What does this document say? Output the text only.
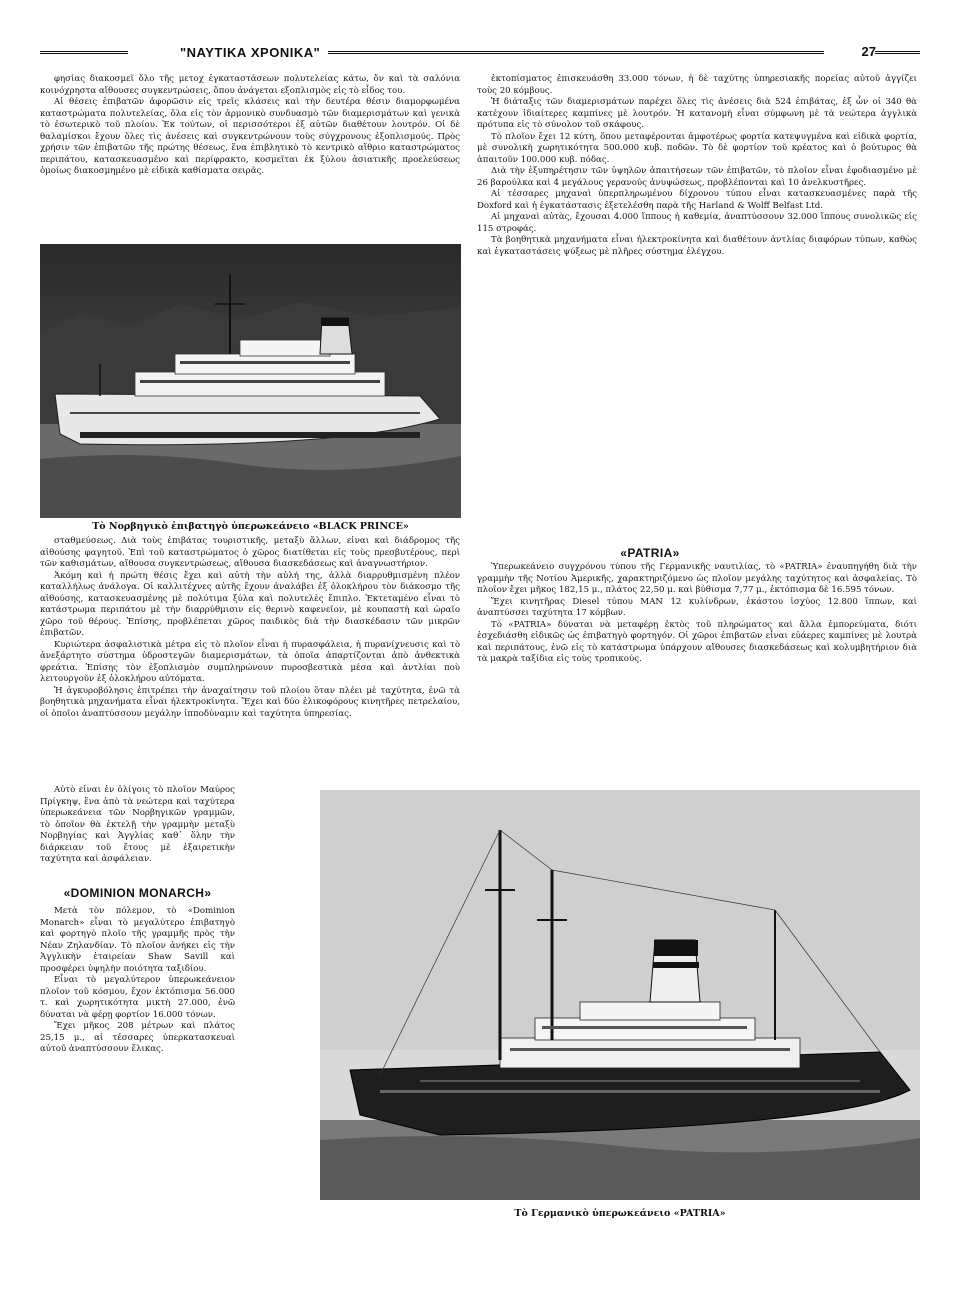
"ΝΑΥΤΙΚΑ ΧΡΟΝΙΚΑ"	27

φησίας διακοσμεῖ ὅλο τῆς μετοχ ἐγκαταστάσεων πολυτελείας κάτω, ὄν καὶ τὰ σαλόνια κοινόχρηστα αἴθουσες συγκεντρώσεις, ὅπου ἀνάγεται εξοπλισμὸς εἰς τὸ εἶδος του.

Αἱ θέσεις ἐπιβατῶν ἀφορῶσιν εἰς τρεῖς κλάσεις καὶ τὴν δευτέρα θέσιν διαμορφωμένα καταστρώματα πολυτελείας, ὅλα εἰς τὸν ἀρμονικὸ συνδυασμὸ τῶν διαμερισμάτων καὶ γενικὰ τὸ ἐσωτερικὸ τοῦ πλοίου. Ἐκ τούτων, οἱ περισσότεροι ἐξ αὐτῶν διαθέτουν λουτρόν. Οἱ δὲ θαλαμίσκοι ἔχουν ὅλες τὶς ἀνέσεις καὶ συγκεντρώνουν τοὺς σύγχρονους ἐξοπλισμούς. Πρὸς χρήσιν τῶν ἐπιβατῶν τῆς πρώτης θέσεως, ἕνα ἐπιβλητικὸ τὸ κεντρικὸ αἴθριο καταστρώματος περιπάτου, κατασκευασμένο καὶ περίφρακτο, κοσμεῖται ἐκ ξύλου ἀσιατικῆς προελεύσεως ὁμοίως διακοσμημένο μὲ εἰδικὰ καθίσματα σειρᾶς.

Τὸ Νορβηγικὸ ἐπιβατηγὸ ὑπερωκεάνειο «BLACK PRINCE»

σταθμεύσεως. Διὰ τοὺς ἐπιβάτας τουριστικῆς, μεταξὺ ἄλλων, εἶναι καὶ διάδρομος τῆς αἰθούσης φαγητοῦ. Ἐπὶ τοῦ καταστρώματος ὁ χῶρος διατίθεται εἰς τοὺς πρεσβυτέρους, περὶ τῶν καθισμάτων, αἴθουσα συγκεντρώσεως, αἴθουσα διασκεδάσεως καὶ ἀναγνωστήριον.

Ἀκόμη καὶ ἡ πρώτη θέσις ἔχει καὶ αὐτὴ τὴν αὐλή της, ἀλλὰ διαρρυθμισμένη πλέον καταλλήλως ἀνάλογα. Οἱ καλλιτέχνες αὐτῆς ἔχουν ἀναλάβει ἐξ ὁλοκλήρου τὸν διάκοσμο τῆς αἰθούσης, κατασκευασμένης μὲ πολύτιμα ξύλα καὶ πολυτελὲς ἔπιπλο. Ἐκτεταμένο εἶναι τὸ κατάστρωμα περιπάτου μὲ τὴν διαρρύθμισιν εἰς θερινὸ καφενεῖον, μὲ κουπαστὴ καὶ ὡραῖο χῶρο τοῦ θέρους. Ἐπίσης, προβλέπεται χῶρος παιδικὸς διὰ τὴν διασκέδασιν τῶν μικρῶν ἐπιβατῶν.

Κυριώτερα ἀσφαλιστικὰ μέτρα εἰς τὸ πλοῖον εἶναι ἡ πυρασφάλεια, ἡ πυρανίχνευσις καὶ τὸ ἀνεξάρτητο σύστημα ὑδροστεγῶν διαμερισμάτων, τὰ ὁποῖα ἀπαρτίζονται ἀπὸ ἀνθεκτικὰ φρεάτια. Ἐπίσης τὸν ἐξοπλισμὸν συμπληρώνουν πυροσβεστικὰ μέσα καὶ ἀντλίαι ποὺ λειτουργοῦν ἐξ ὁλοκλήρου αὐτόματα.

Ἡ ἀγκυροβόλησις ἐπιτρέπει τὴν ἀναχαίτησιν τοῦ πλοίου ὅταν πλέει μὲ ταχύτητα, ἐνῶ τὰ βοηθητικὰ μηχανήματα εἶναι ἠλεκτροκίνητα. Ἔχει καὶ δύο ἐλικοφόρους κινητῆρες πετρελαίου, οἱ ὁποῖοι ἀναπτύσσουν μεγάλην ἱπποδύναμιν καὶ ταχύτητα ὑπηρεσίας.

Αὐτὸ εἶναι ἐν ὀλίγοις τὸ πλοῖον Μαύρος Πρίγκηψ, ἕνα ἀπὸ τὰ νεώτερα καὶ ταχύτερα ὑπερωκεάνεια τῶν Νορβηγικῶν γραμμῶν, τὸ ὁποῖον θὰ ἐκτελῇ τὴν γραμμὴν μεταξὺ Νορβηγίας καὶ Ἀγγλίας καθ᾿ ὅλην τὴν διάρκειαν τοῦ ἔτους μὲ ἐξαιρετικὴν ταχύτητα καὶ ἀσφάλειαν.

«DOMINION MONARCH»

Μετὰ τὸν πόλεμον, τὸ «Dominion Monarch» εἶναι τὸ μεγαλύτερο ἐπιβατηγὸ καὶ φορτηγὸ πλοῖο τῆς γραμμῆς πρὸς τὴν Νέαν Ζηλανδίαν. Τὸ πλοῖον ἀνήκει εἰς τὴν Ἀγγλικὴν ἑταιρείαν Shaw Savill καὶ προσφέρει ὑψηλὴν ποιότητα ταξιδίου.

Εἶναι τὸ μεγαλύτερον ὑπερωκεάνειον πλοῖον τοῦ κόσμου, ἔχον ἐκτόπισμα 56.000 τ. καὶ χωρητικότητα μικτὴ 27.000, ἐνῶ δύναται νὰ φέρῃ φορτίον 16.000 τόνων.

Ἔχει μῆκος 208 μέτρων καὶ πλάτος 25,15 μ., αἱ τέσσαρες ὑπερκατασκευαὶ αὐτοῦ ἀναπτύσσουν ἕλικας.

ἐκτοπίσματος ἐπισκευάσθη 33.000 τόνων, ἡ δὲ ταχύτης ὑπηρεσιακῆς πορείας αὐτοῦ ἀγγίζει τοὺς 20 κόμβους.

Ἡ διάταξις τῶν διαμερισμάτων παρέχει ὅλες τὶς ἀνέσεις διὰ 524 ἐπιβάτας, ἐξ ὧν οἱ 340 θὰ κατέχουν ἰδιαίτερες καμπίνες μὲ λουτρόν. Ἡ κατανομὴ εἶναι σύμφωνη μὲ τὰ νεώτερα ἀγγλικὰ πρότυπα εἰς τὸ σύνολον τοῦ σκάφους.

Τὸ πλοῖον ἔχει 12 κύτη, ὅπου μεταφέρονται ἀμφοτέρως φορτία κατεψυγμένα καὶ εἰδικὰ φορτία, μὲ συνολικὴ χωρητικότητα 500.000 κυβ. ποδῶν. Τὸ δὲ φορτίον τοῦ κρέατος καὶ ὁ βούτυρος θὰ ἀπαιτοῦν 100.000 κυβ. πόδας.

Διὰ τὴν ἐξυπηρέτησιν τῶν ὑψηλῶν ἀπαιτήσεων τῶν ἐπιβατῶν, τὸ πλοῖον εἶναι ἐφοδιασμένο μὲ 26 βαρούλκα καὶ 4 μεγάλους γερανούς ἀνυψώσεως, προβλέπονται καὶ 10 ἀνελκυστῆρες.

Αἱ τέσσαρες μηχαναὶ ὑπερπληρωμένου δίχρονου τύπου εἶναι κατασκευασμένες παρὰ τῆς Doxford καὶ ἡ ἐγκατάστασις ἐξετελέσθη παρὰ τῆς Harland & Wolff Belfast Ltd.

Αἱ μηχαναὶ αὐτὰς, ἔχουσαι 4.000 ἵππους ἡ καθεμία, ἀναπτύσσουν 32.000 ἵππους συνολικῶς εἰς 115 στροφάς.

Τὰ βοηθητικὰ μηχανήματα εἶναι ἠλεκτροκίνητα καὶ διαθέτουν ἀντλίας διαφόρων τύπων, καθὼς καὶ ἐγκαταστάσεις ψύξεως μὲ πλῆρες σύστημα ἐλέγχου.

«PATRIA»

Ὑπερωκεάνειο συγχρόνου τύπου τῆς Γερμανικῆς ναυτιλίας, τὸ «PATRIA» ἐναυπηγήθη διὰ τὴν γραμμὴν τῆς Νοτίου Ἀμερικῆς, χαρακτηριζόμενο ὡς πλοῖον μεγάλης ταχύτητος καὶ ἀσφαλείας. Τὸ πλοῖον ἔχει μῆκος 182,15 μ., πλάτος 22,50 μ. καὶ βύθισμα 7,77 μ., ἐκτόπισμα δὲ 16.595 τόνων.

Ἔχει κινητῆρας Diesel τύπου ΜΑΝ 12 κυλίνδρων, ἐκάστου ἰσχύος 12.800 ἵππων, καὶ ἀναπτύσσει ταχύτητα 17 κόμβων.

Τὸ «PATRIA» δύναται νὰ μεταφέρῃ ἐκτὸς τοῦ πληρώματος καὶ ἄλλα ἐμπορεύματα, διότι ἐσχεδιάσθη εἰδικῶς ὡς ἐπιβατηγὸ φορτηγόν. Οἱ χῶροι ἐπιβατῶν εἶναι εὐάερες καμπίνες μὲ λουτρὰ καὶ περιπάτους, ἐνῶ εἰς τὸ κατάστρωμα ὑπάρχουν αἴθουσες διασκεδάσεως καὶ κολυμβητήριον διὰ τὰ μακρὰ ταξίδια εἰς τοὺς τροπικούς.

Τὸ Γερμανικὸ ὑπερωκεάνειο «PATRIA»
